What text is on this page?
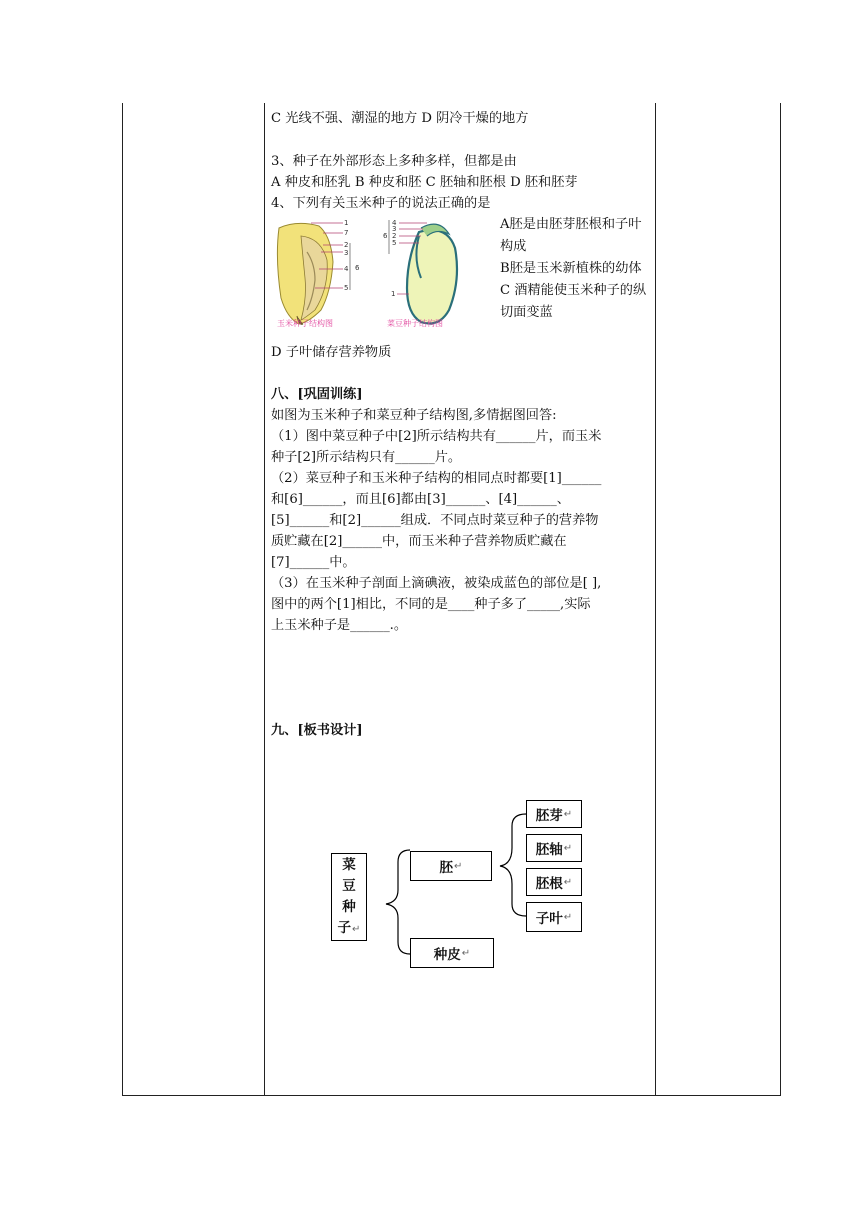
C 光线不强、潮湿的地方 D 阴冷干燥的地方
3、种子在外部形态上多种多样，但都是由
A 种皮和胚乳 B 种皮和胚 C 胚轴和胚根 D 胚和胚芽
4、下列有关玉米种子的说法正确的是
1
7
2
3
4
5
6
4
3
2
5
6
1
玉米种子结构图	菜豆种子结构图
A胚是由胚芽胚根和子叶构成
B胚是玉米新植株的幼体
C 酒精能使玉米种子的纵切面变蓝
D 子叶储存营养物质
八、[巩固训练]
如图为玉米种子和菜豆种子结构图,多情据图回答:
（1）图中菜豆种子中[2]所示结构共有______片，而玉米
种子[2]所示结构只有______片。
（2）菜豆种子和玉米种子结构的相同点时都要[1]______
和[6]______，而且[6]都由[3]______、[4]______、
[5]______和[2]______组成．不同点时菜豆种子的营养物
质贮藏在[2]______中，而玉米种子营养物质贮藏在
[7]______中。
（3）在玉米种子剖面上滴碘液，被染成蓝色的部位是[ ],
图中的两个[1]相比，不同的是____种子多了_____,实际
上玉米种子是______.。
九、[板书设计]
菜
豆
种
子↵
胚 ↵
种皮 ↵
胚芽 ↵
胚轴 ↵
胚根 ↵
子叶 ↵
